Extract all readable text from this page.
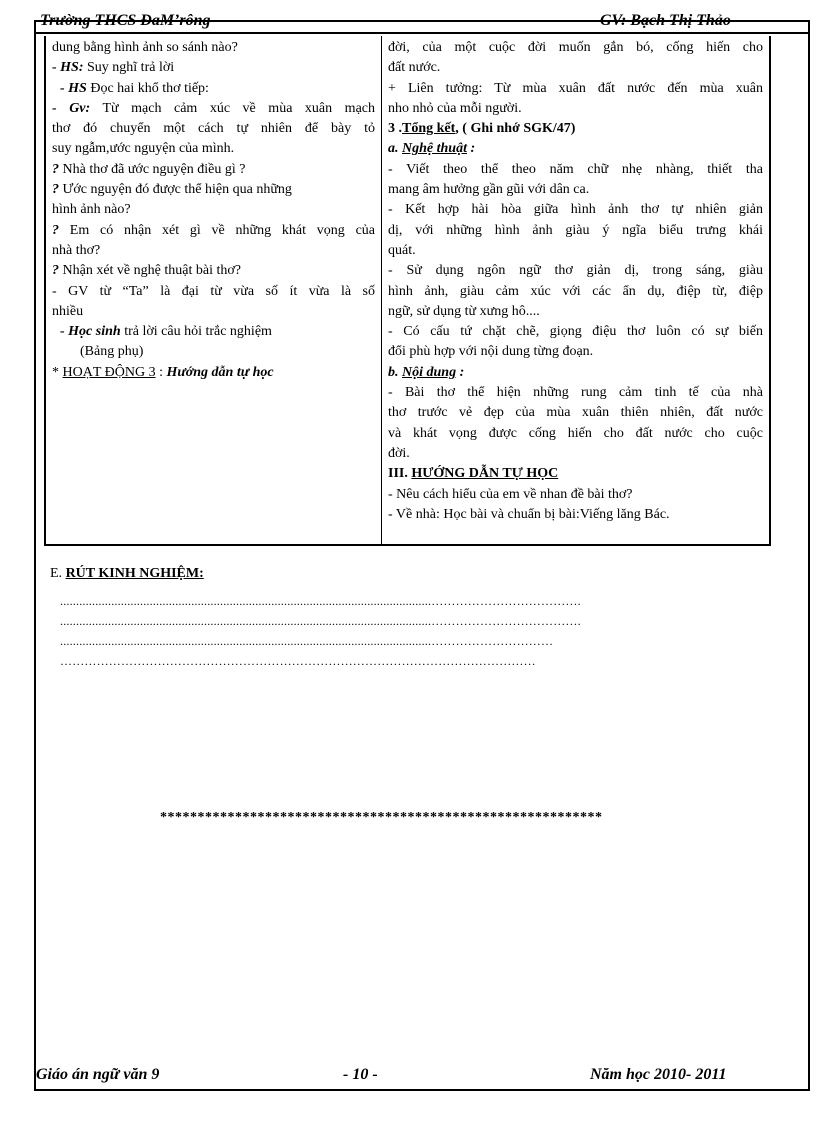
Trường THCS ĐaM’rông	GV: Bạch Thị Thảo
dung bằng hình ảnh so sánh nào?
- HS: Suy nghĩ trả lời
- HS Đọc hai khổ thơ tiếp:
- Gv: Từ mạch cảm xúc về mùa xuân mạch
thơ đó chuyển một cách tự nhiên để bày tỏ
suy ngẫm,ước nguyện của mình.
? Nhà thơ đã ước nguyện điều gì ?
? Ước nguyện đó được thể hiện qua những
hình ảnh nào?
? Em có nhận xét gì về những khát vọng của
nhà thơ?
? Nhận xét về nghệ thuật bài thơ?
- GV từ “Ta” là đại từ vừa số ít vừa là số
nhiều
- Học sinh trả lời câu hỏi trắc nghiệm
(Bảng phụ)
* HOẠT ĐỘNG 3 : Hướng dẫn tự học
đời, của một cuộc đời muốn gắn bó, cống hiến cho
đất nước.
+ Liên tưởng: Từ mùa xuân đất nước đến mùa xuân
nho nhỏ của mỗi người.
3 .Tổng kết, ( Ghi nhớ SGK/47)
a. Nghệ thuật :
- Viết theo thể theo năm chữ nhẹ nhàng, thiết tha
mang âm hưởng gần gũi với dân ca.
- Kết hợp hài hòa giữa hình ảnh thơ tự nhiên giản
dị, với những hình ảnh giàu ý ngĩa biểu trưng khái
quát.
- Sử dụng ngôn ngữ thơ giản dị, trong sáng, giàu
hình ảnh, giàu cảm xúc với các ẩn dụ, điệp từ, điệp
ngữ, sử dụng từ xưng hô....
- Có cấu tứ chặt chẽ, giọng điệu thơ luôn có sự biến
đổi phù hợp với nội dung từng đoạn.
b. Nội dung :
- Bài thơ thể hiện những rung cảm tinh tế của nhà
thơ trước vẻ đẹp của mùa xuân thiên nhiên, đất nước
và khát vọng được cống hiến cho đất nước cho cuộc
đời.
III. HƯỚNG DẪN TỰ HỌC
- Nêu cách hiểu của em về nhan đề bài thơ?
- Về nhà: Học bài và chuẩn bị bài:Viếng lăng Bác.
E. RÚT KINH NGHIỆM:
....................................................................................................................……………………………….
....................................................................................................................……………………………….
....................................................................................................................…………………………
………………………………………………………………………………………………………
***********************************************************
Giáo án ngữ văn 9	- 10 -	Năm học 2010- 2011
